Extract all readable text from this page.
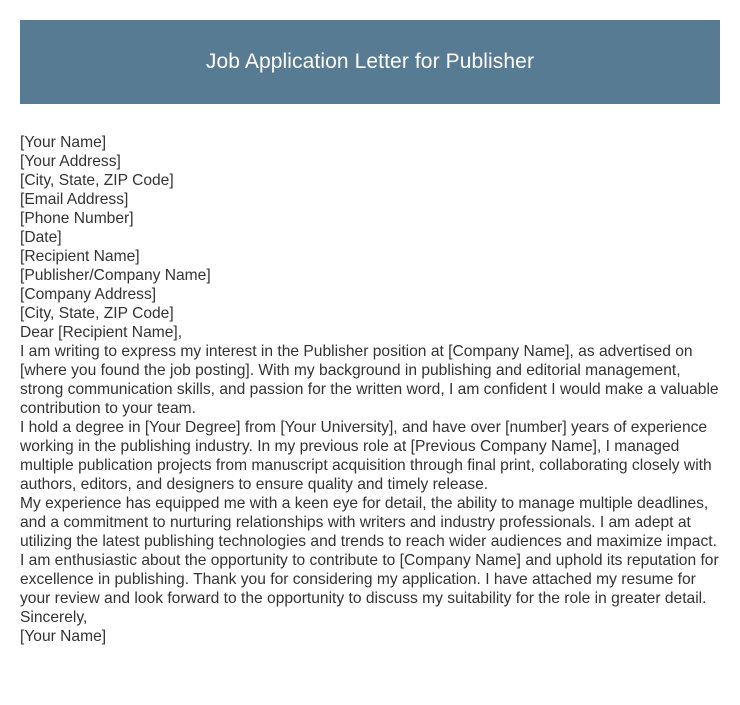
Job Application Letter for Publisher
[Your Name]
[Your Address]
[City, State, ZIP Code]
[Email Address]
[Phone Number]
[Date]
[Recipient Name]
[Publisher/Company Name]
[Company Address]
[City, State, ZIP Code]
Dear [Recipient Name],

I am writing to express my interest in the Publisher position at [Company Name], as advertised on [where you found the job posting]. With my background in publishing and editorial management, strong communication skills, and passion for the written word, I am confident I would make a valuable contribution to your team.

I hold a degree in [Your Degree] from [Your University], and have over [number] years of experience working in the publishing industry. In my previous role at [Previous Company Name], I managed multiple publication projects from manuscript acquisition through final print, collaborating closely with authors, editors, and designers to ensure quality and timely release.

My experience has equipped me with a keen eye for detail, the ability to manage multiple deadlines, and a commitment to nurturing relationships with writers and industry professionals. I am adept at utilizing the latest publishing technologies and trends to reach wider audiences and maximize impact.

I am enthusiastic about the opportunity to contribute to [Company Name] and uphold its reputation for excellence in publishing. Thank you for considering my application. I have attached my resume for your review and look forward to the opportunity to discuss my suitability for the role in greater detail.

Sincerely,
[Your Name]
